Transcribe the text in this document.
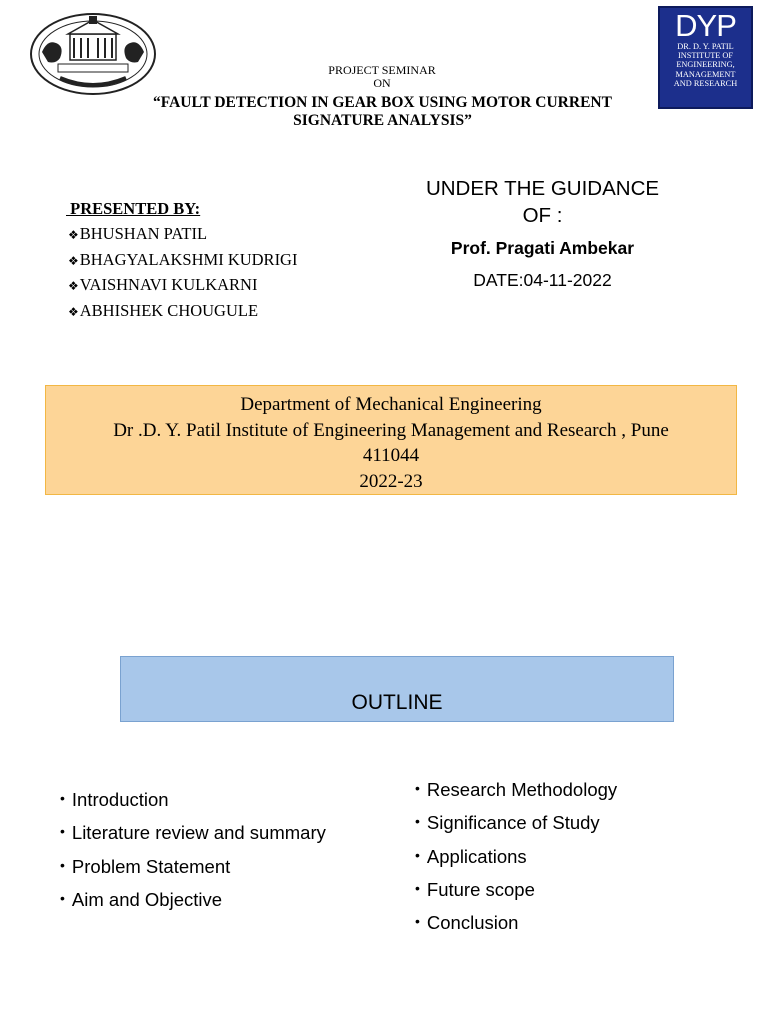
DYP
DR. D. Y. PATIL
INSTITUTE OF
ENGINEERING,
MANAGEMENT
AND RESEARCH
PROJECT SEMINAR
ON
“FAULT DETECTION IN GEAR BOX USING MOTOR CURRENT
SIGNATURE ANALYSIS”
PRESENTED BY:
❖ BHUSHAN PATIL
❖ BHAGYALAKSHMI KUDRIGI
❖ VAISHNAVI KULKARNI
❖ ABHISHEK CHOUGULE
UNDER THE GUIDANCE
OF :
Prof. Pragati Ambekar
DATE:04-11-2022
Department of Mechanical Engineering
Dr .D. Y. Patil Institute of Engineering Management and Research , Pune
411044
2022-23
OUTLINE
• Introduction
• Literature review and summary
• Problem Statement
• Aim and Objective
• Research Methodology
• Significance of Study
• Applications
• Future scope
• Conclusion
